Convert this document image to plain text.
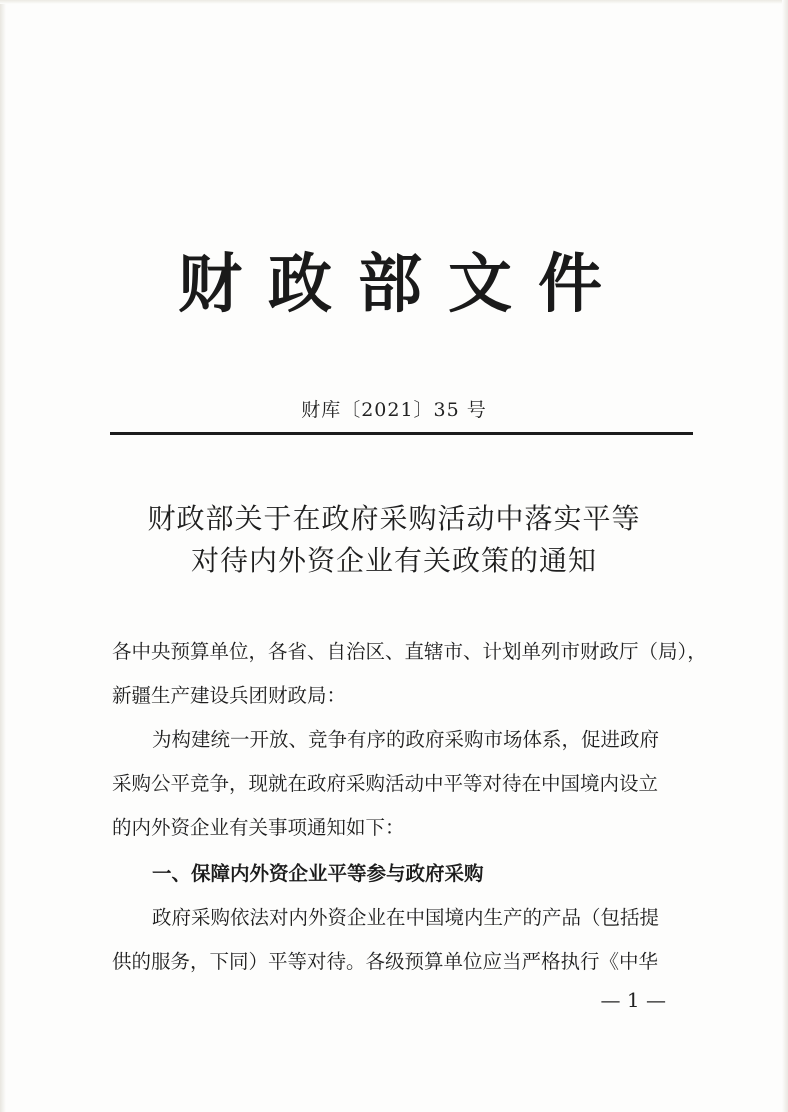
财政部文件
财库〔2021〕35 号
财政部关于在政府采购活动中落实平等
对待内外资企业有关政策的通知
各中央预算单位，各省、自治区、直辖市、计划单列市财政厅（局），
新疆生产建设兵团财政局：
为构建统一开放、竞争有序的政府采购市场体系，促进政府
采购公平竞争，现就在政府采购活动中平等对待在中国境内设立
的内外资企业有关事项通知如下：
一、保障内外资企业平等参与政府采购
政府采购依法对内外资企业在中国境内生产的产品（包括提
供的服务，下同）平等对待。各级预算单位应当严格执行《中华
— 1 —
